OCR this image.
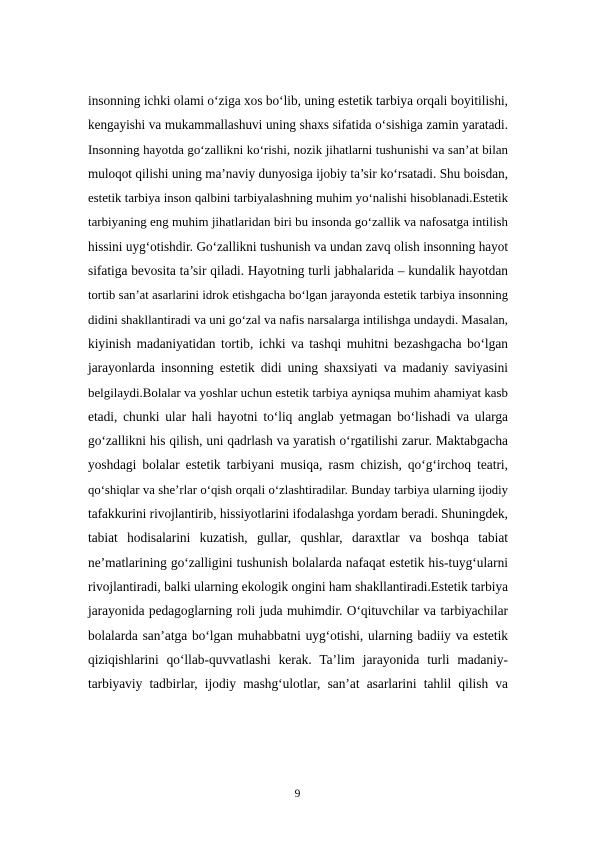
insonning ichki olami o‘ziga xos bo‘lib, uning estetik tarbiya orqali boyitilishi,
kengayishi va mukammallashuvi uning shaxs sifatida o‘sishiga zamin yaratadi.
Insonning hayotda go‘zallikni ko‘rishi, nozik jihatlarni tushunishi va san’at bilan
muloqot qilishi uning ma’naviy dunyosiga ijobiy ta’sir ko‘rsatadi. Shu boisdan,
estetik tarbiya inson qalbini tarbiyalashning muhim yo‘nalishi hisoblanadi.Estetik
tarbiyaning eng muhim jihatlaridan biri bu insonda go‘zallik va nafosatga intilish
hissini uyg‘otishdir. Go‘zallikni tushunish va undan zavq olish insonning hayot
sifatiga bevosita ta’sir qiladi. Hayotning turli jabhalarida – kundalik hayotdan
tortib san’at asarlarini idrok etishgacha bo‘lgan jarayonda estetik tarbiya insonning
didini shakllantiradi va uni go‘zal va nafis narsalarga intilishga undaydi. Masalan,
kiyinish madaniyatidan tortib, ichki va tashqi muhitni bezashgacha bo‘lgan
jarayonlarda insonning estetik didi uning shaxsiyati va madaniy saviyasini
belgilaydi.Bolalar va yoshlar uchun estetik tarbiya ayniqsa muhim ahamiyat kasb
etadi, chunki ular hali hayotni to‘liq anglab yetmagan bo‘lishadi va ularga
go‘zallikni his qilish, uni qadrlash va yaratish o‘rgatilishi zarur. Maktabgacha
yoshdagi bolalar estetik tarbiyani musiqa, rasm chizish, qo‘g‘irchoq teatri,
qo‘shiqlar va she’rlar o‘qish orqali o‘zlashtiradilar. Bunday tarbiya ularning ijodiy
tafakkurini rivojlantirib, hissiyotlarini ifodalashga yordam beradi. Shuningdek,
tabiat hodisalarini kuzatish, gullar, qushlar, daraxtlar va boshqa tabiat
ne’matlarining go‘zalligini tushunish bolalarda nafaqat estetik his-tuyg‘ularni
rivojlantiradi, balki ularning ekologik ongini ham shakllantiradi.Estetik tarbiya
jarayonida pedagoglarning roli juda muhimdir. O‘qituvchilar va tarbiyachilar
bolalarda san’atga bo‘lgan muhabbatni uyg‘otishi, ularning badiiy va estetik
qiziqishlarini qo‘llab-quvvatlashi kerak. Ta’lim jarayonida turli madaniy-
tarbiyaviy tadbirlar, ijodiy mashg‘ulotlar, san’at asarlarini tahlil qilish va
9
